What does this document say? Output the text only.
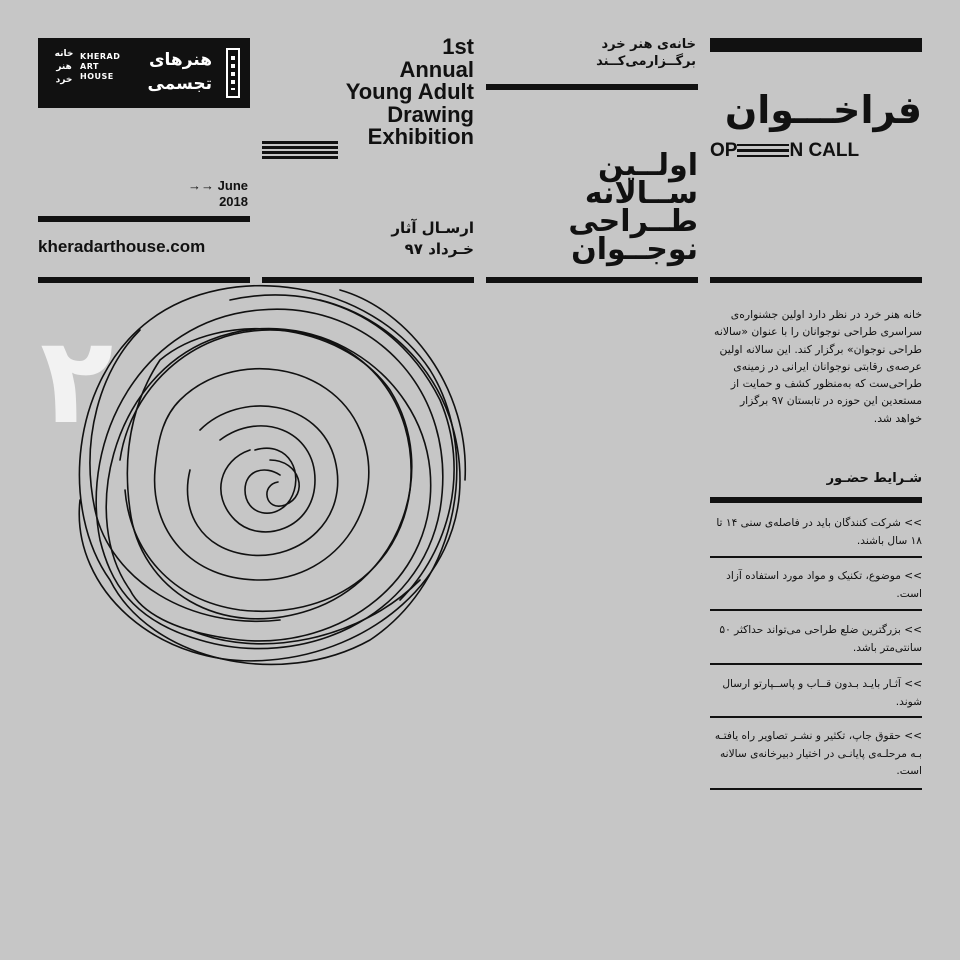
خانه
هنر
خرد
KHERAD
ART
HOUSE
هنرهای
تجسمی
1st
Annual
Young Adult
Drawing
Exhibition
→→ June
2018
kheradarthouse.com
ارسـال آثار
خـرداد ۹۷
خانه‌ی هنر خرد
برگــزار‌می‌کــند
اولــین
ســالانه
طــراحی
نوجــوان
فراخـــوان
OP	N CALL
خانه هنر خرد در نظر دارد اولین جشنواره‌ی سراسری طراحی نوجوانان را با عنوان «سالانه طراحی نوجوان» برگزار کند. این سالانه اولین عرصه‌ی رقابتی نوجوانان ایرانی در زمینه‌ی طراحی‌ست که به‌منظور کشف و حمایت از مستعدین این حوزه در تابستان ۹۷ برگزار خواهد شد.
شـرایط حضـور
>> شرکت کنندگان باید در فاصله‌ی سنی ۱۴ تا ۱۸ سال باشند.
>> موضوع، تکنیک و مواد مورد استفاده آزاد است.
>> بزرگترین ضلع طراحی می‌تواند حداکثر ۵۰ سانتی‌متر باشد.
>> آثـار بایـد بـدون قــاب و پاســپارتو ارسال شوند.
>> حقوق جاپ، تکثیر و نشـر تصاویر راه یافتـه بـه مرحلـه‌ی پایانـی در اختیار دبیرخانه‌ی سالانه است.
۲
